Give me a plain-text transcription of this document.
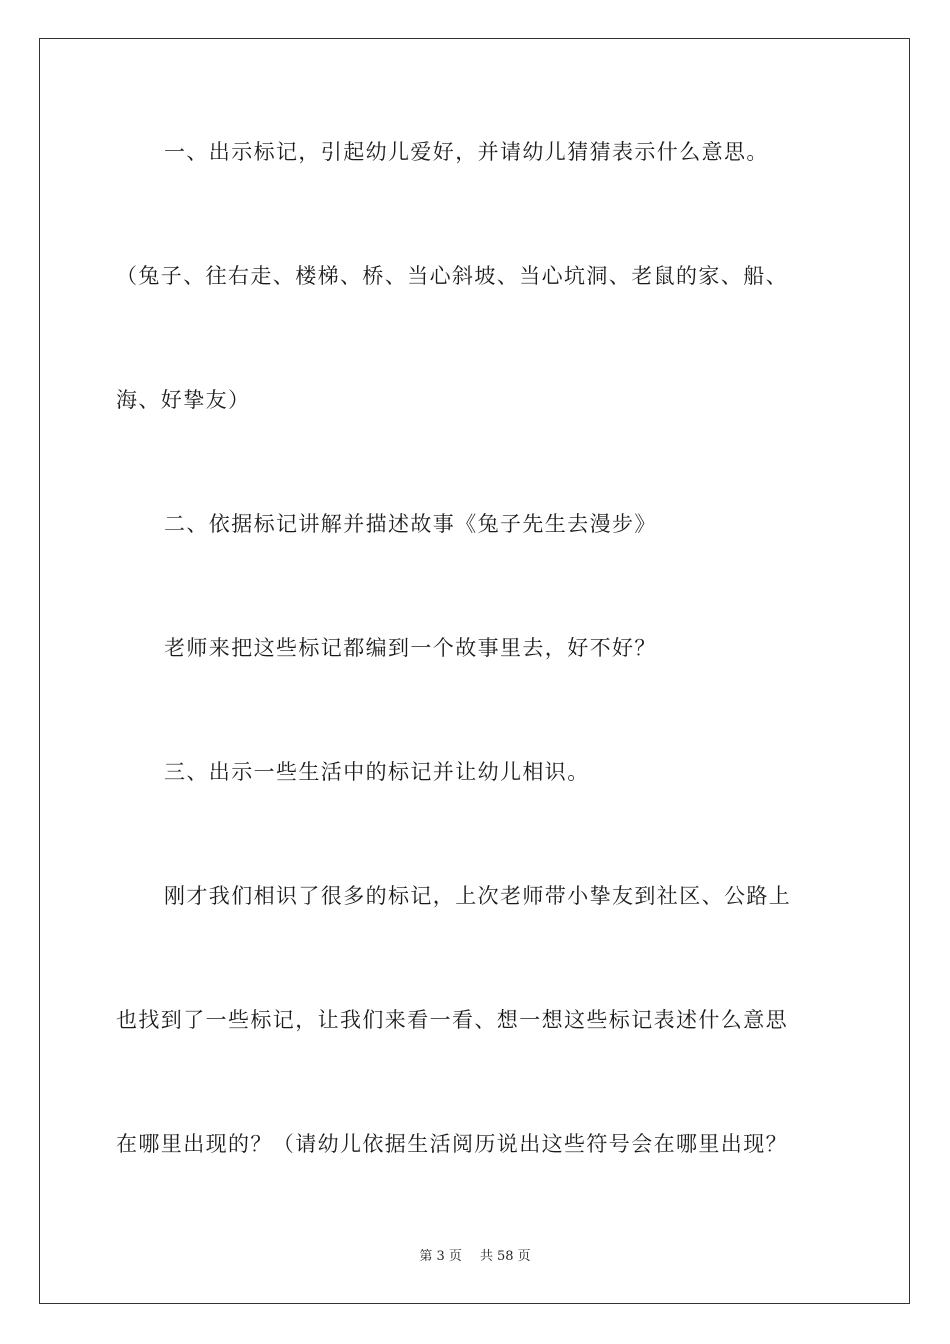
一、出示标记，引起幼儿爱好，并请幼儿猜猜表示什么意思。
（兔子、往右走、楼梯、桥、当心斜坡、当心坑洞、老鼠的家、船、
海、好挚友）
二、依据标记讲解并描述故事《兔子先生去漫步》
老师来把这些标记都编到一个故事里去，好不好？
三、出示一些生活中的标记并让幼儿相识。
刚才我们相识了很多的标记，上次老师带小挚友到社区、公路上
也找到了一些标记，让我们来看一看、想一想这些标记表述什么意思
在哪里出现的？（请幼儿依据生活阅历说出这些符号会在哪里出现？
第 3 页 共 58 页
